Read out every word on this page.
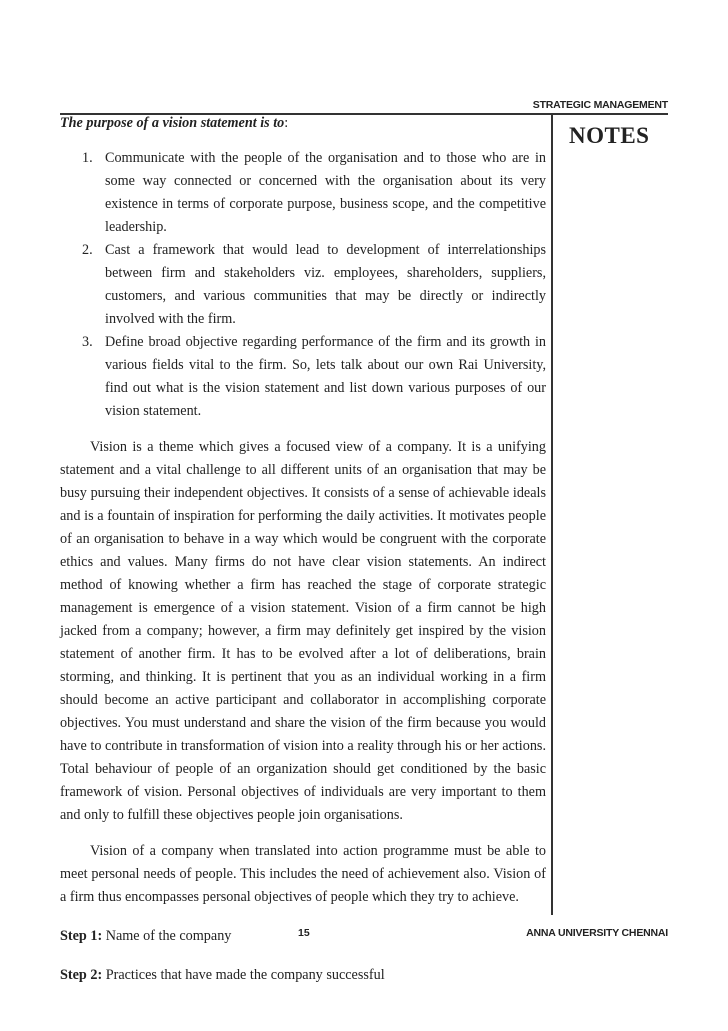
STRATEGIC MANAGEMENT
NOTES

The purpose of a vision statement is to:

1. Communicate with the people of the organisation and to those who are in some way connected or concerned with the organisation about its very existence in terms of corporate purpose, business scope, and the competitive leadership.
2. Cast a framework that would lead to development of interrelationships between firm and stakeholders viz. employees, shareholders, suppliers, customers, and various communities that may be directly or indirectly involved with the firm.
3. Define broad objective regarding performance of the firm and its growth in various fields vital to the firm. So, lets talk about our own Rai University, find out what is the vision statement and list down various purposes of our vision statement.

Vision is a theme which gives a focused view of a company. It is a unifying statement and a vital challenge to all different units of an organisation that may be busy pursuing their independent objectives. It consists of a sense of achievable ideals and is a fountain of inspiration for performing the daily activities. It motivates people of an organisation to behave in a way which would be congruent with the corporate ethics and values. Many firms do not have clear vision statements. An indirect method of knowing whether a firm has reached the stage of corporate strategic management is emergence of a vision statement. Vision of a firm cannot be high jacked from a company; however, a firm may definitely get inspired by the vision statement of another firm. It has to be evolved after a lot of deliberations, brain storming, and thinking. It is pertinent that you as an individual working in a firm should become an active participant and collaborator in accomplishing corporate objectives. You must understand and share the vision of the firm because you would have to contribute in transformation of vision into a reality through his or her actions. Total behaviour of people of an organization should get conditioned by the basic framework of vision. Personal objectives of individuals are very important to them and only to fulfill these objectives people join organisations.

Vision of a company when translated into action programme must be able to meet personal needs of people. This includes the need of achievement also. Vision of a firm thus encompasses personal objectives of people which they try to achieve.

Step 1: Name of the company

Step 2: Practices that have made the company successful

15	ANNA UNIVERSITY CHENNAI
